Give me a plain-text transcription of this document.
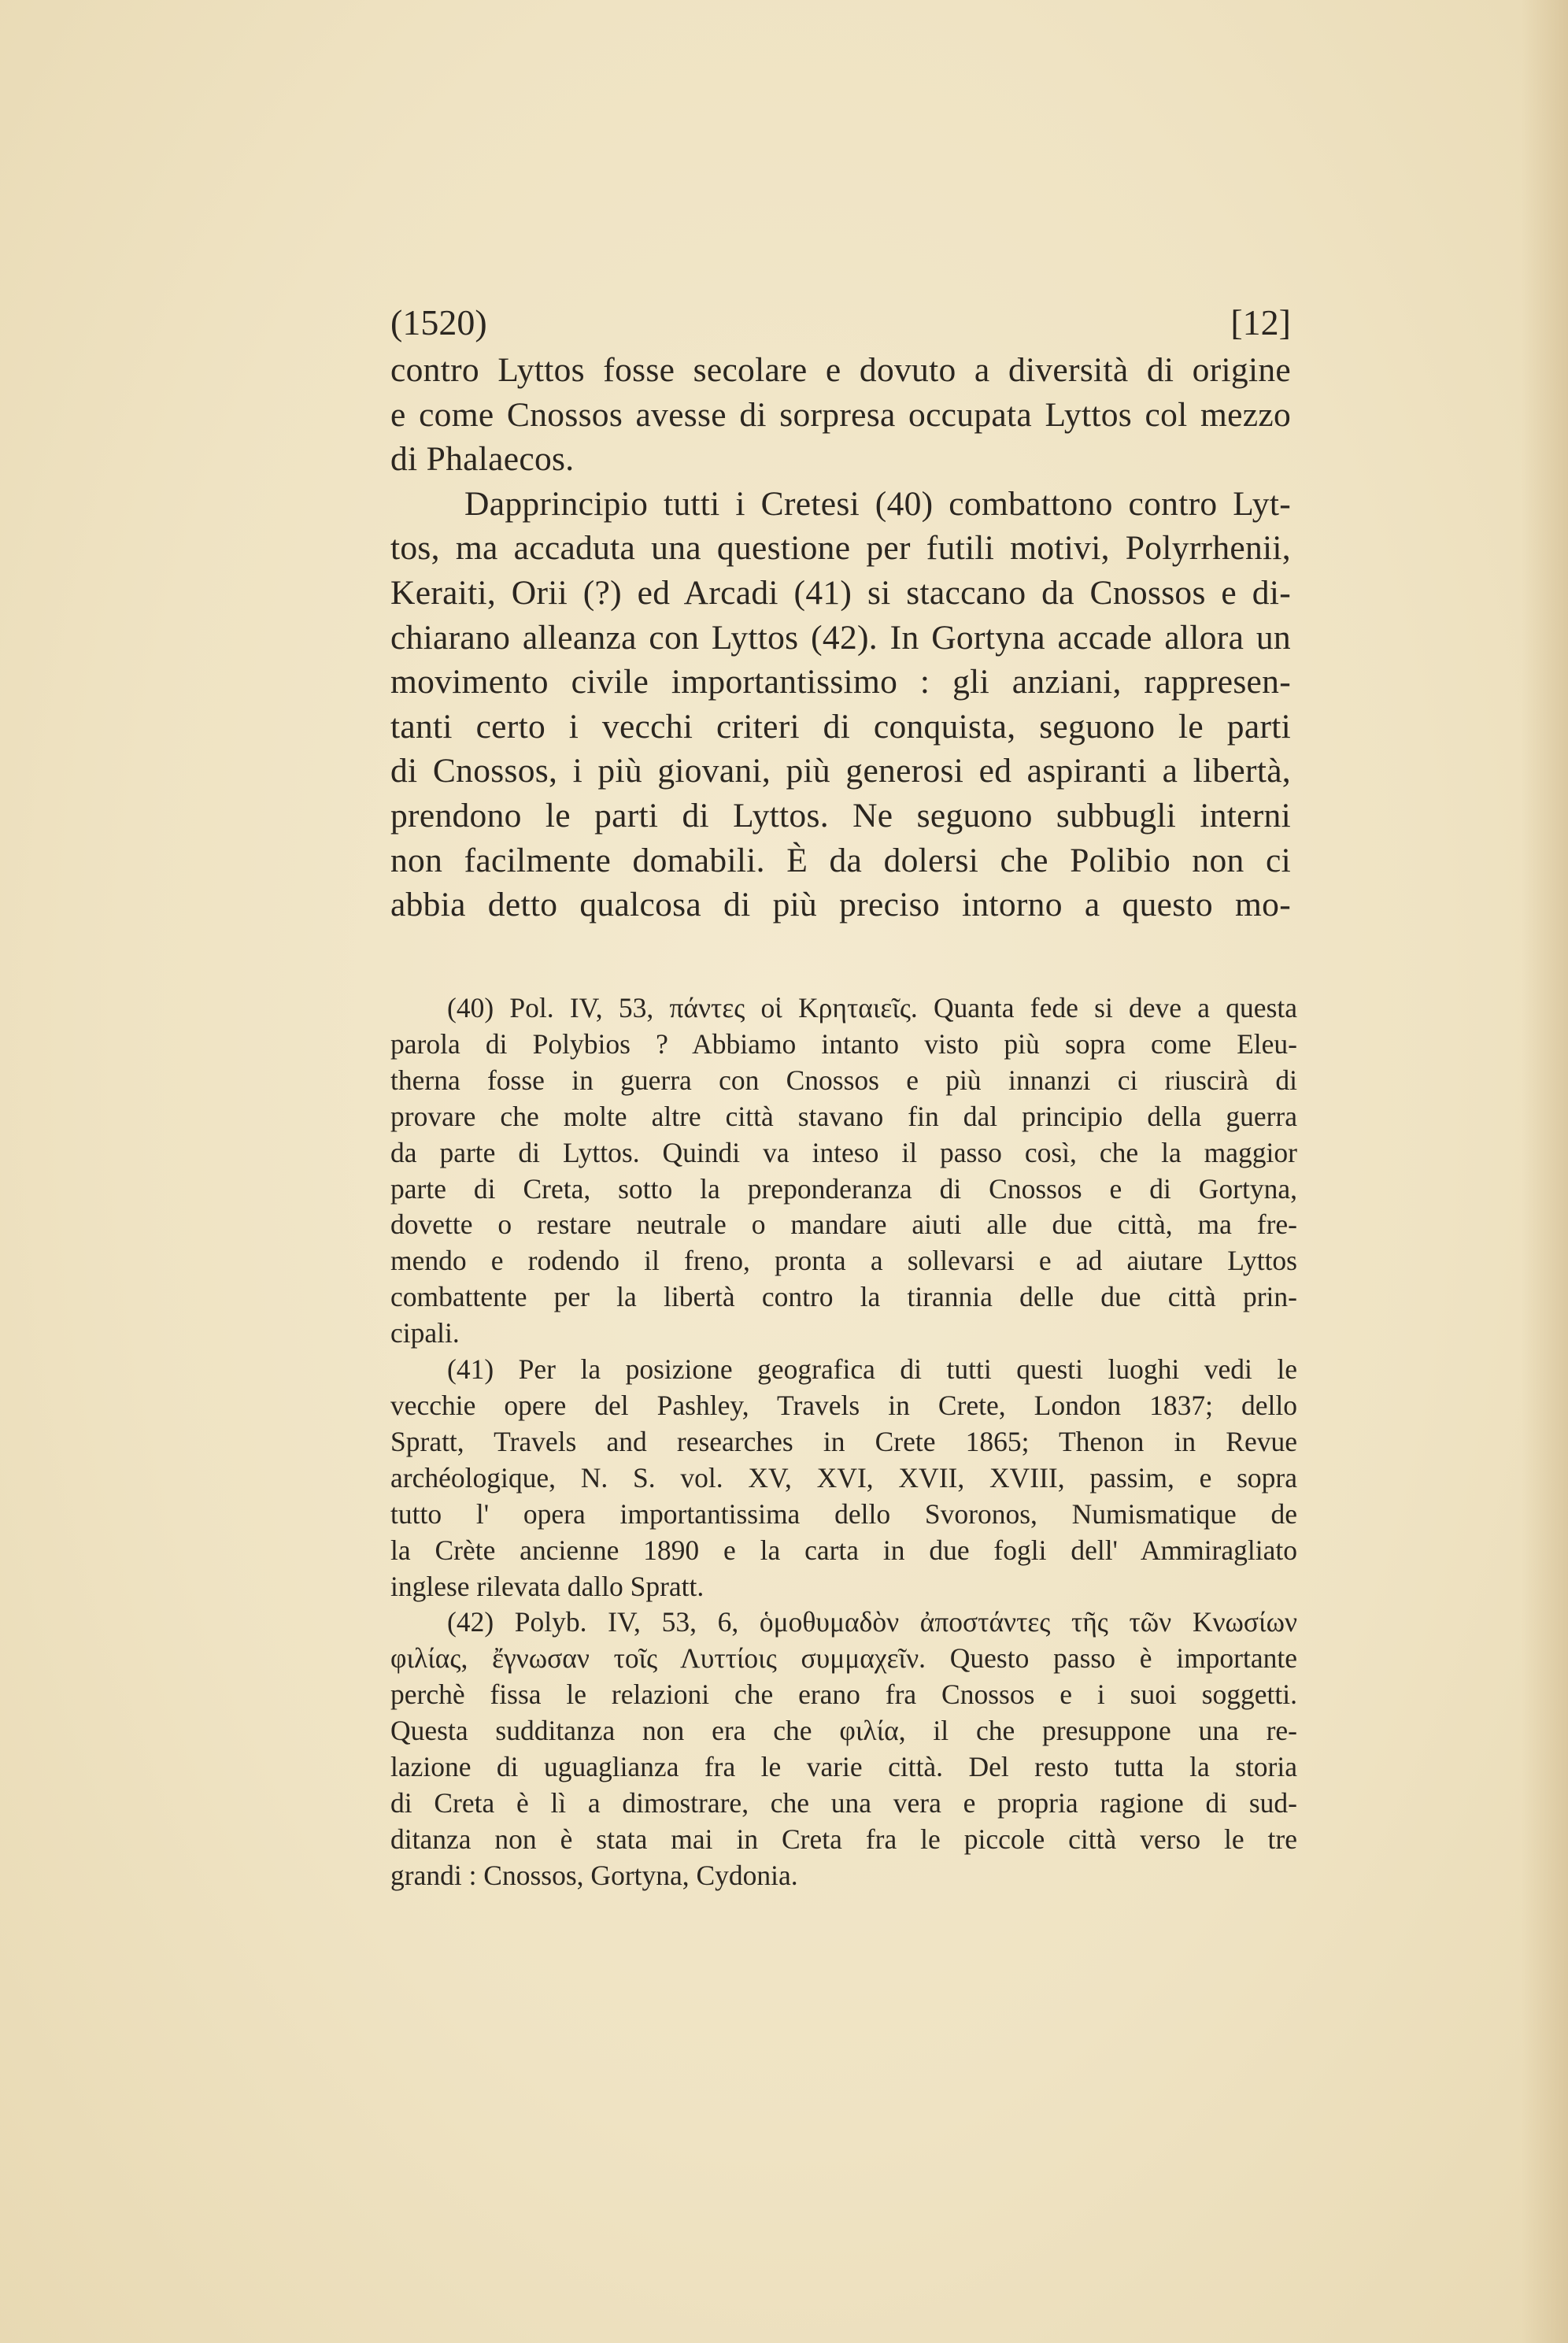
(1520)	[12]
contro Lyttos fosse secolare e dovuto a diversità di origine
e come Cnossos avesse di sorpresa occupata Lyttos col mezzo
di Phalaecos.
Dapprincipio tutti i Cretesi (40) combattono contro Lyt-
tos, ma accaduta una questione per futili motivi, Polyrrhenii,
Keraiti, Orii (?) ed Arcadi (41) si staccano da Cnossos e di-
chiarano alleanza con Lyttos (42). In Gortyna accade allora un
movimento civile importantissimo : gli anziani, rappresen-
tanti certo i vecchi criteri di conquista, seguono le parti
di Cnossos, i più giovani, più generosi ed aspiranti a libertà,
prendono le parti di Lyttos. Ne seguono subbugli interni
non facilmente domabili. È da dolersi che Polibio non ci
abbia detto qualcosa di più preciso intorno a questo mo-
(40) Pol. IV, 53, πάντες οἱ Κρηταιεῖς. Quanta fede si deve a questa
parola di Polybios ? Abbiamo intanto visto più sopra come Eleu-
therna fosse in guerra con Cnossos e più innanzi ci riuscirà di
provare che molte altre città stavano fin dal principio della guerra
da parte di Lyttos. Quindi va inteso il passo così, che la maggior
parte di Creta, sotto la preponderanza di Cnossos e di Gortyna,
dovette o restare neutrale o mandare aiuti alle due città, ma fre-
mendo e rodendo il freno, pronta a sollevarsi e ad aiutare Lyttos
combattente per la libertà contro la tirannia delle due città prin-
cipali.
(41) Per la posizione geografica di tutti questi luoghi vedi le
vecchie opere del Pashley, Travels in Crete, London 1837; dello
Spratt, Travels and researches in Crete 1865; Thenon in Revue
archéologique, N. S. vol. XV, XVI, XVII, XVIII, passim, e sopra
tutto l' opera importantissima dello Svoronos, Numismatique de
la Crète ancienne 1890 e la carta in due fogli dell' Ammiragliato
inglese rilevata dallo Spratt.
(42) Polyb. IV, 53, 6, ὁμοθυμαδὸν ἀποστάντες τῆς τῶν Κνωσίων
φιλίας, ἔγνωσαν τοῖς Λυττίοις συμμαχεῖν. Questo passo è importante
perchè fissa le relazioni che erano fra Cnossos e i suoi soggetti.
Questa sudditanza non era che φιλία, il che presuppone una re-
lazione di uguaglianza fra le varie città. Del resto tutta la storia
di Creta è lì a dimostrare, che una vera e propria ragione di sud-
ditanza non è stata mai in Creta fra le piccole città verso le tre
grandi : Cnossos, Gortyna, Cydonia.
